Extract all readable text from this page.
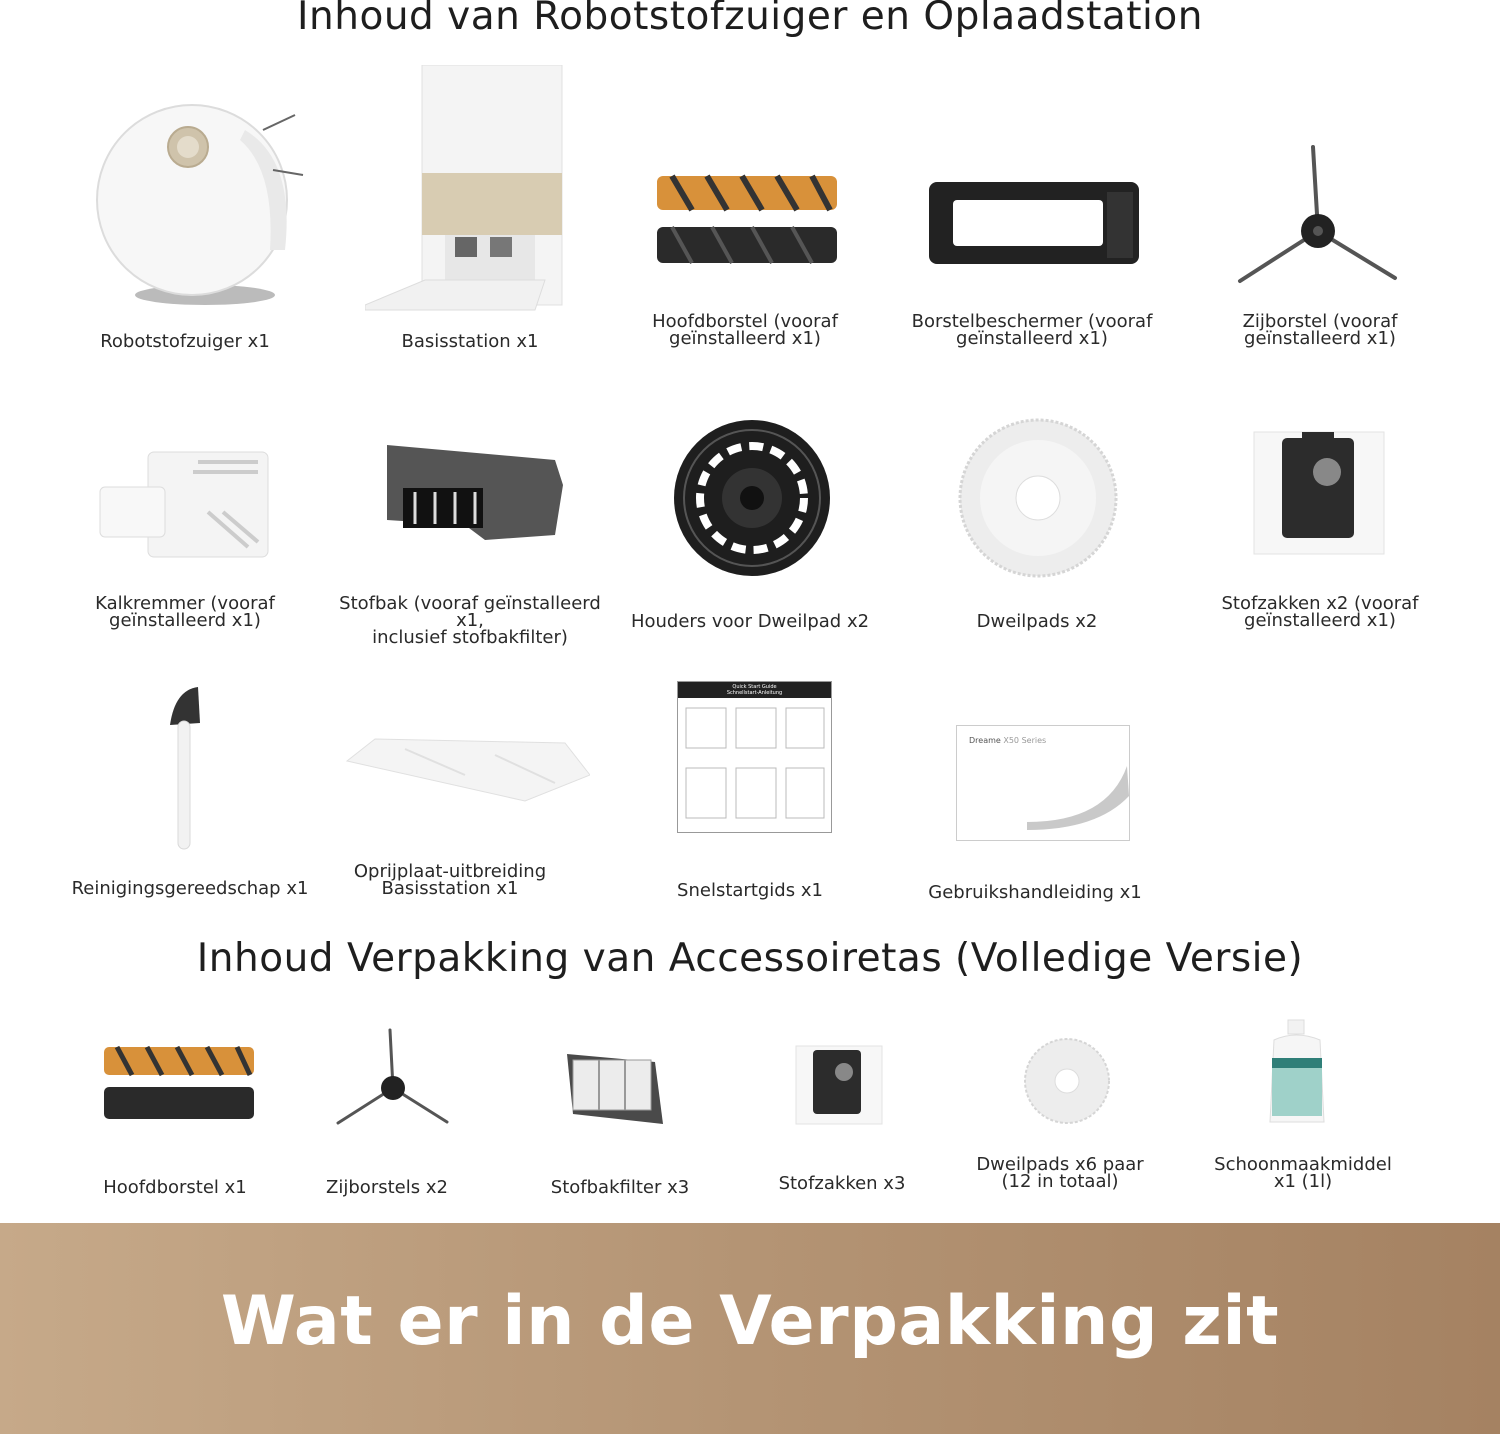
Inhoud van Robotstofzuiger en Oplaadstation
Robotstofzuiger x1	Basisstation x1
Hoofdborstel (vooraf
geïnstalleerd x1)
Borstelbeschermer (vooraf
geïnstalleerd x1)
Zijborstel (vooraf
geïnstalleerd x1)
Kalkremmer (vooraf
geïnstalleerd x1)
Stofbak (vooraf geïnstalleerd x1,
inclusief stofbakfilter)
Houders voor Dweilpad x2	Dweilpads x2
Stofzakken x2 (vooraf
geïnstalleerd x1)
Reinigingsgereedschap x1
Oprijplaat-uitbreiding
Basisstation x1
Quick Start Guide
Schnellstart-Anleitung
Snelstartgids x1
Dreame X50 Series
Gebruikshandleiding x1
Inhoud Verpakking van Accessoiretas (Volledige Versie)
Hoofdborstel x1	Zijborstels x2	Stofbakfilter x3	Stofzakken x3
Dweilpads x6 paar
(12 in totaal)
Schoonmaakmiddel
x1 (1l)
Wat er in de Verpakking zit
